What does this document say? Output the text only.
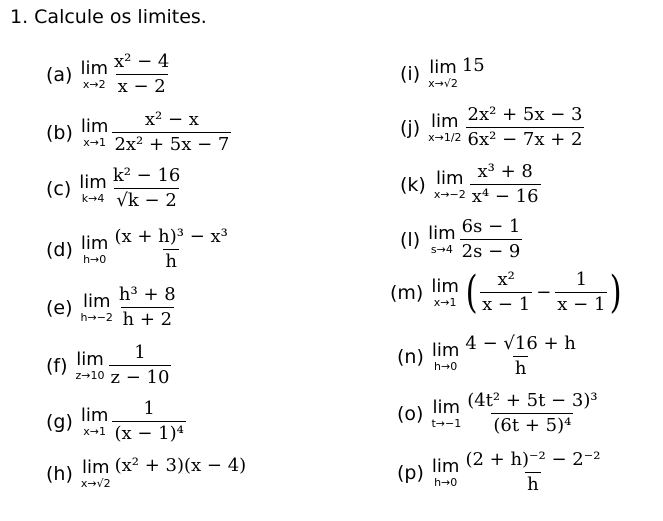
1. Calcule os limites.
(a) lim
$x\to 2 \frac{\text{x² − 4}}{x - 2}$
(b) lim
$x\to 1 \frac{\text{x² − x}}{\text{2x² + 5x − 7}}$
(c) lim
$k\to 4 \frac{\text{k² − 16}}{√k - 2}$
(d) lim
$h\to 0 \frac{\text{(x + h)³ − x³}}{h}$
(e) lim
$h\to-2 \frac{\text{h³ + 8}}{h + 2}$
(f) lim
$z\to 10 \frac{1}{z - 10}$
(g) lim
$x\to 1 \frac{1}{\text{(x − 1)⁴}}$
(h) lim
x→√2
(x² + 3)(x − 4)
(i) lim
x→√2
15
(j) lim
$x\to 1/2 \frac{\text{2x² + 5x − 3}}{\text{6x² − 7x + 2}}$
(k) lim
$x\to-2 \frac{\text{x³ + 8}}{\text{x⁴ − 16}}$
(l) lim
$s\to 4 \frac{6s - 1}{2s - 9}$
(m) lim
x→1 ( $\frac{\text{x²}}{x - 1} - \frac{1}{x - 1}$ )
(n) lim
$h\to 0 \frac{4 - √16 + h}{h}$
(o) lim
$t\to-1 \frac{\text{(4t² + 5t − 3)³}}{\text{(6t + 5)⁴}}$
(p) lim
$h\to 0 \frac{\text{(2 + h)⁻² − 2⁻²}}{h}$
